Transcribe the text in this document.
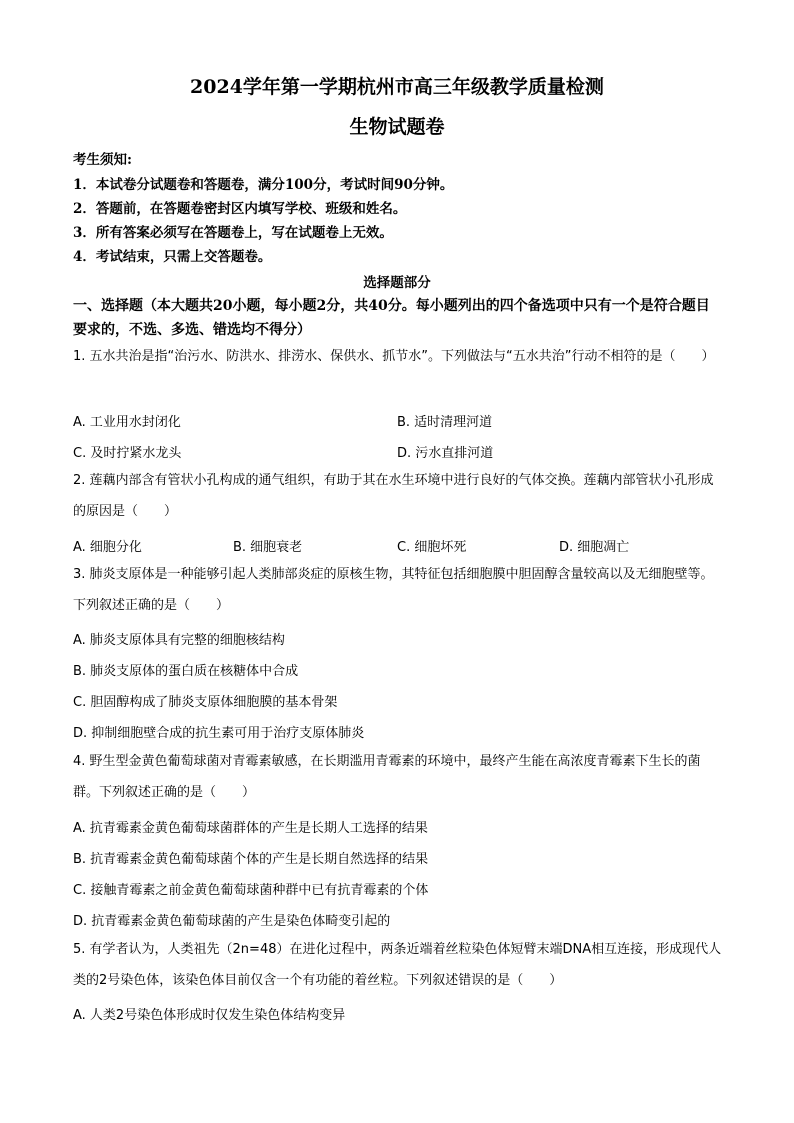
2024学年第一学期杭州市高三年级教学质量检测
生物试题卷
考生须知:
1．本试卷分试题卷和答题卷，满分100分，考试时间90分钟。
2．答题前，在答题卷密封区内填写学校、班级和姓名。
3．所有答案必须写在答题卷上，写在试题卷上无效。
4．考试结束，只需上交答题卷。
选择题部分
一、选择题（本大题共20小题，每小题2分，共40分。每小题列出的四个备选项中只有一个是符合题目要求的，不选、多选、错选均不得分）
1. 五水共治是指“治污水、防洪水、排涝水、保供水、抓节水”。下列做法与“五水共治”行动不相符的是（　　）
A. 工业用水封闭化	B. 适时清理河道
C. 及时拧紧水龙头	D. 污水直排河道
2. 莲藕内部含有管状小孔构成的通气组织，有助于其在水生环境中进行良好的气体交换。莲藕内部管状小孔形成的原因是（　　）
A. 细胞分化	B. 细胞衰老	C. 细胞坏死	D. 细胞凋亡
3. 肺炎支原体是一种能够引起人类肺部炎症的原核生物，其特征包括细胞膜中胆固醇含量较高以及无细胞壁等。下列叙述正确的是（　　）
A. 肺炎支原体具有完整的细胞核结构
B. 肺炎支原体的蛋白质在核糖体中合成
C. 胆固醇构成了肺炎支原体细胞膜的基本骨架
D. 抑制细胞壁合成的抗生素可用于治疗支原体肺炎
4. 野生型金黄色葡萄球菌对青霉素敏感，在长期滥用青霉素的环境中，最终产生能在高浓度青霉素下生长的菌群。下列叙述正确的是（　　）
A. 抗青霉素金黄色葡萄球菌群体的产生是长期人工选择的结果
B. 抗青霉素金黄色葡萄球菌个体的产生是长期自然选择的结果
C. 接触青霉素之前金黄色葡萄球菌种群中已有抗青霉素的个体
D. 抗青霉素金黄色葡萄球菌的产生是染色体畸变引起的
5. 有学者认为，人类祖先（2n=48）在进化过程中，两条近端着丝粒染色体短臂末端DNA相互连接，形成现代人类的2号染色体，该染色体目前仅含一个有功能的着丝粒。下列叙述错误的是（　　）
A. 人类2号染色体形成时仅发生染色体结构变异
